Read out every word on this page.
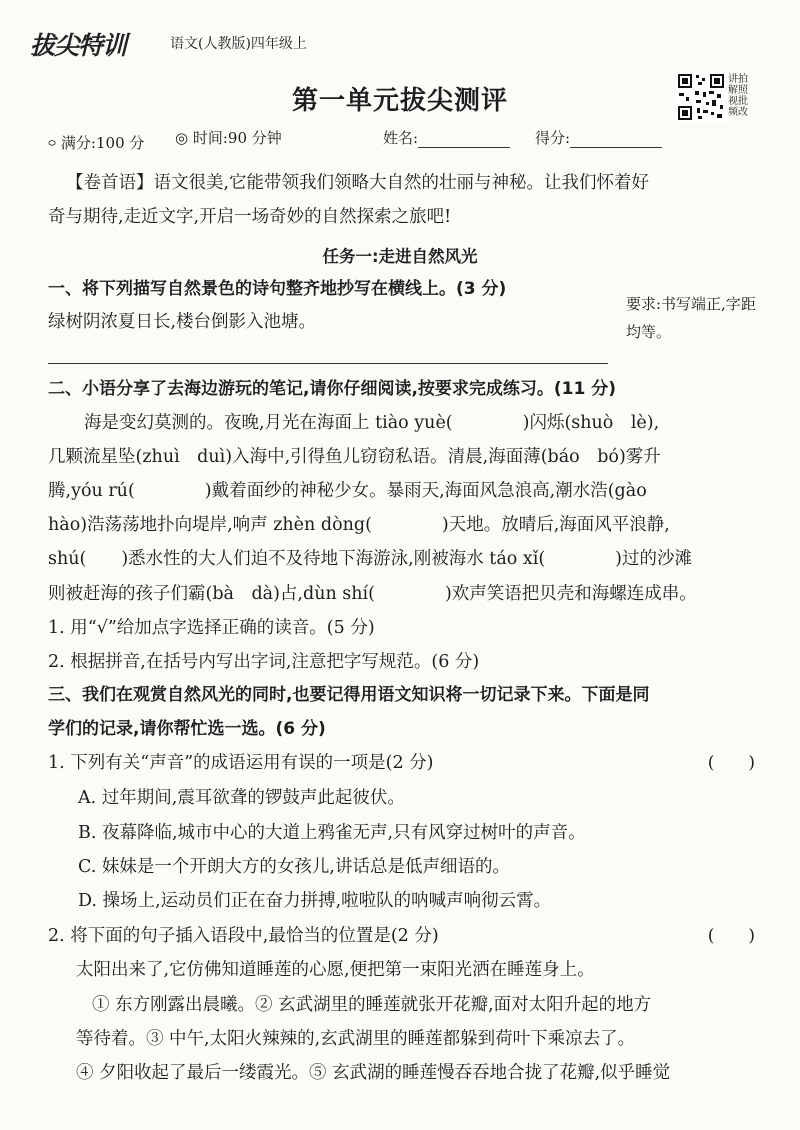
拔尖特训	语文(人教版)四年级上
第一单元拔尖测评
讲拍解照视批频改
࿁ 满分:100 分 ◎ 时间:90 分钟	姓名:	得分:
【卷首语】语文很美,它能带领我们领略大自然的壮丽与神秘。让我们怀着好
奇与期待,走近文字,开启一场奇妙的自然探索之旅吧!
任务一:走进自然风光
一、将下列描写自然景色的诗句整齐地抄写在横线上。(3 分)
绿树阴浓夏日长,楼台倒影入池塘。
要求:书写端正,字距均等。
二、小语分享了去海边游玩的笔记,请你仔细阅读,按要求完成练习。(11 分)
海是变幻莫测的。夜晚,月光在海面上 tiào yuè(　　　　)闪烁(shuò　lè),
几颗流星坠(zhuì　duì)入海中,引得鱼儿窃窃私语。清晨,海面薄(báo　bó)雾升
腾,yóu rú(　　　　)戴着面纱的神秘少女。暴雨天,海面风急浪高,潮水浩(gào
hào)浩荡荡地扑向堤岸,响声 zhèn dòng(　　　　)天地。放晴后,海面风平浪静,
shú(　　)悉水性的大人们迫不及待地下海游泳,刚被海水 táo xǐ(　　　　)过的沙滩
则被赶海的孩子们霸(bà　dà)占,dùn shí(　　　　)欢声笑语把贝壳和海螺连成串。
1. 用“√”给加点字选择正确的读音。(5 分)
2. 根据拼音,在括号内写出字词,注意把字写规范。(6 分)
三、我们在观赏自然风光的同时,也要记得用语文知识将一切记录下来。下面是同
学们的记录,请你帮忙选一选。(6 分)
1. 下列有关“声音”的成语运用有误的一项是(2 分)	(　　)
A. 过年期间,震耳欲聋的锣鼓声此起彼伏。
B. 夜幕降临,城市中心的大道上鸦雀无声,只有风穿过树叶的声音。
C. 妹妹是一个开朗大方的女孩儿,讲话总是低声细语的。
D. 操场上,运动员们正在奋力拼搏,啦啦队的呐喊声响彻云霄。
2. 将下面的句子插入语段中,最恰当的位置是(2 分)	(　　)
太阳出来了,它仿佛知道睡莲的心愿,便把第一束阳光洒在睡莲身上。
① 东方刚露出晨曦。② 玄武湖里的睡莲就张开花瓣,面对太阳升起的地方
等待着。③ 中午,太阳火辣辣的,玄武湖里的睡莲都躲到荷叶下乘凉去了。
④ 夕阳收起了最后一缕霞光。⑤ 玄武湖的睡莲慢吞吞地合拢了花瓣,似乎睡觉
